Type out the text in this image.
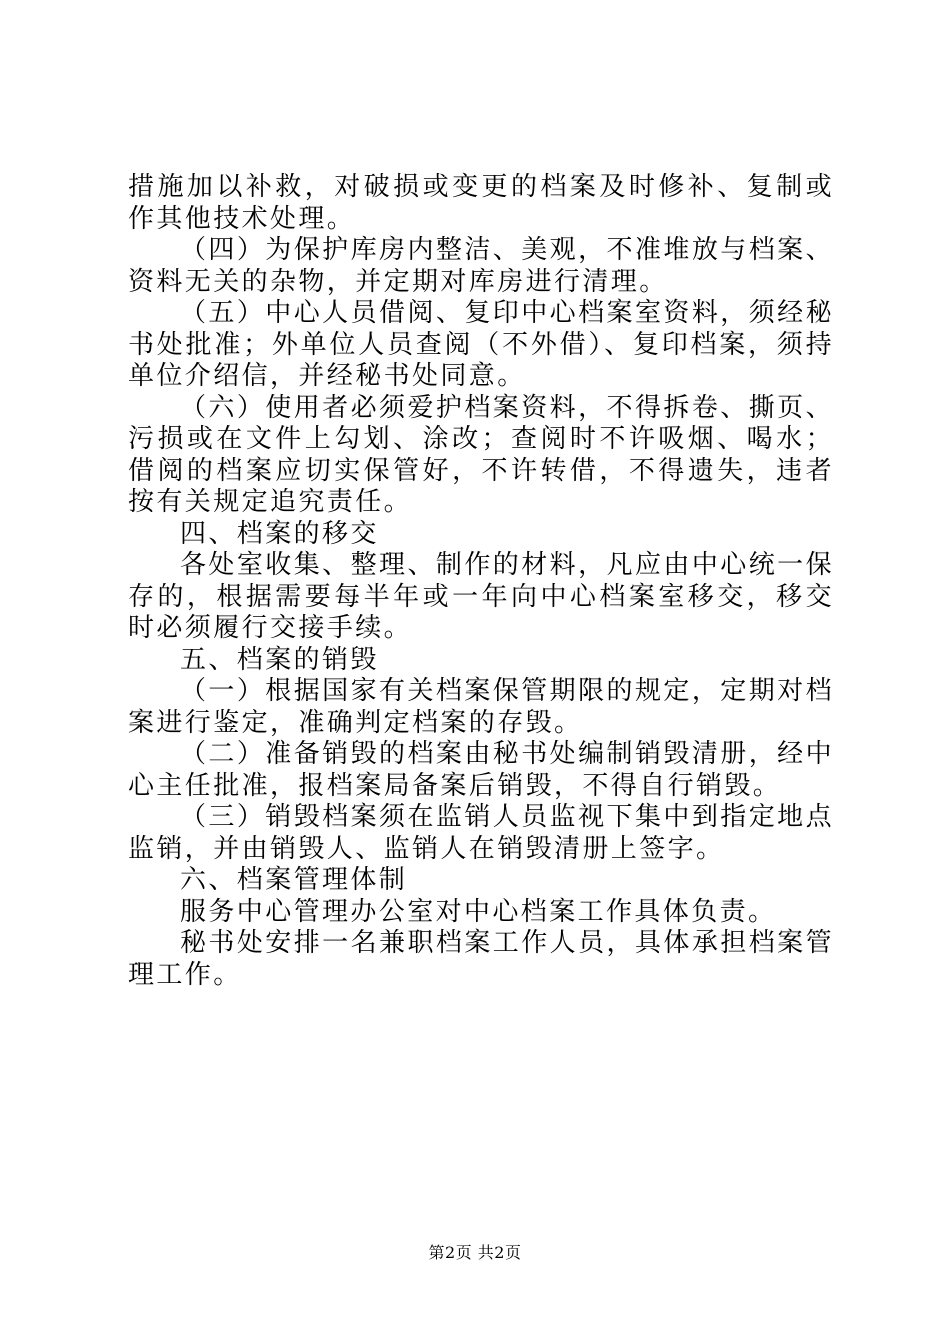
措施加以补救，对破损或变更的档案及时修补、复制或作其他技术处理。

（四）为保护库房内整洁、美观，不准堆放与档案、资料无关的杂物，并定期对库房进行清理。

（五）中心人员借阅、复印中心档案室资料，须经秘书处批准；外单位人员查阅（不外借）、复印档案，须持单位介绍信，并经秘书处同意。

（六）使用者必须爱护档案资料，不得拆卷、撕页、污损或在文件上勾划、涂改；查阅时不许吸烟、喝水；借阅的档案应切实保管好，不许转借，不得遗失，违者按有关规定追究责任。

四、档案的移交

各处室收集、整理、制作的材料，凡应由中心统一保存的，根据需要每半年或一年向中心档案室移交，移交时必须履行交接手续。

五、档案的销毁

（一）根据国家有关档案保管期限的规定，定期对档案进行鉴定，准确判定档案的存毁。

（二）准备销毁的档案由秘书处编制销毁清册，经中心主任批准，报档案局备案后销毁，不得自行销毁。

（三）销毁档案须在监销人员监视下集中到指定地点监销，并由销毁人、监销人在销毁清册上签字。

六、档案管理体制

服务中心管理办公室对中心档案工作具体负责。

秘书处安排一名兼职档案工作人员，具体承担档案管理工作。

第2页 共2页
